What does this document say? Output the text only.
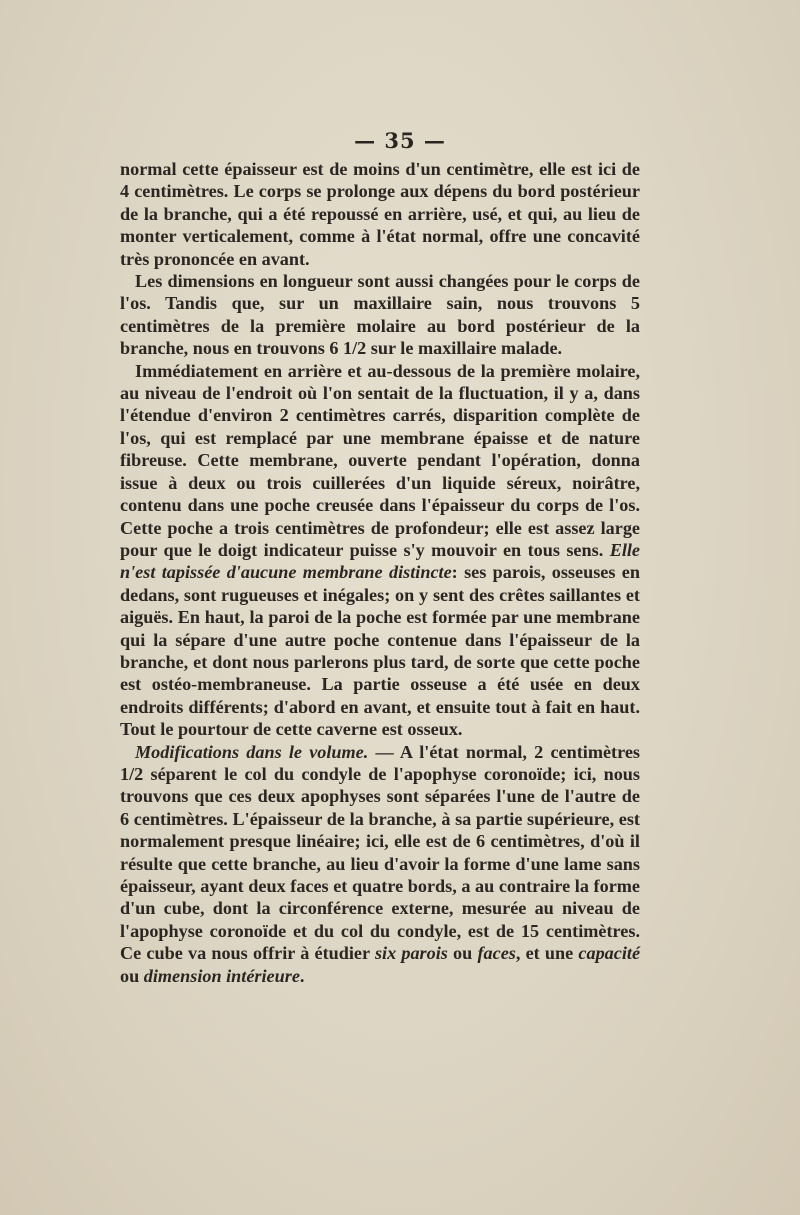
— 35 —

normal cette épaisseur est de moins d'un centimètre, elle est ici de 4 centimètres. Le corps se prolonge aux dépens du bord postérieur de la branche, qui a été repoussé en arrière, usé, et qui, au lieu de monter verticalement, comme à l'état normal, offre une concavité très prononcée en avant.

Les dimensions en longueur sont aussi changées pour le corps de l'os. Tandis que, sur un maxillaire sain, nous trouvons 5 centimètres de la première molaire au bord postérieur de la branche, nous en trouvons 6 1/2 sur le maxillaire malade.

Immédiatement en arrière et au-dessous de la première molaire, au niveau de l'endroit où l'on sentait de la fluctuation, il y a, dans l'étendue d'environ 2 centimètres carrés, disparition complète de l'os, qui est remplacé par une membrane épaisse et de nature fibreuse. Cette membrane, ouverte pendant l'opération, donna issue à deux ou trois cuillerées d'un liquide séreux, noirâtre, contenu dans une poche creusée dans l'épaisseur du corps de l'os. Cette poche a trois centimètres de profondeur; elle est assez large pour que le doigt indicateur puisse s'y mouvoir en tous sens. Elle n'est tapissée d'aucune membrane distincte: ses parois, osseuses en dedans, sont rugueuses et inégales; on y sent des crêtes saillantes et aiguës. En haut, la paroi de la poche est formée par une membrane qui la sépare d'une autre poche contenue dans l'épaisseur de la branche, et dont nous parlerons plus tard, de sorte que cette poche est ostéo-membraneuse. La partie osseuse a été usée en deux endroits différents; d'abord en avant, et ensuite tout à fait en haut. Tout le pourtour de cette caverne est osseux.

Modifications dans le volume. — A l'état normal, 2 centimètres 1/2 séparent le col du condyle de l'apophyse coronoïde; ici, nous trouvons que ces deux apophyses sont séparées l'une de l'autre de 6 centimètres. L'épaisseur de la branche, à sa partie supérieure, est normalement presque linéaire; ici, elle est de 6 centimètres, d'où il résulte que cette branche, au lieu d'avoir la forme d'une lame sans épaisseur, ayant deux faces et quatre bords, a au contraire la forme d'un cube, dont la circonférence externe, mesurée au niveau de l'apophyse coronoïde et du col du condyle, est de 15 centimètres. Ce cube va nous offrir à étudier six parois ou faces, et une capacité ou dimension intérieure.
